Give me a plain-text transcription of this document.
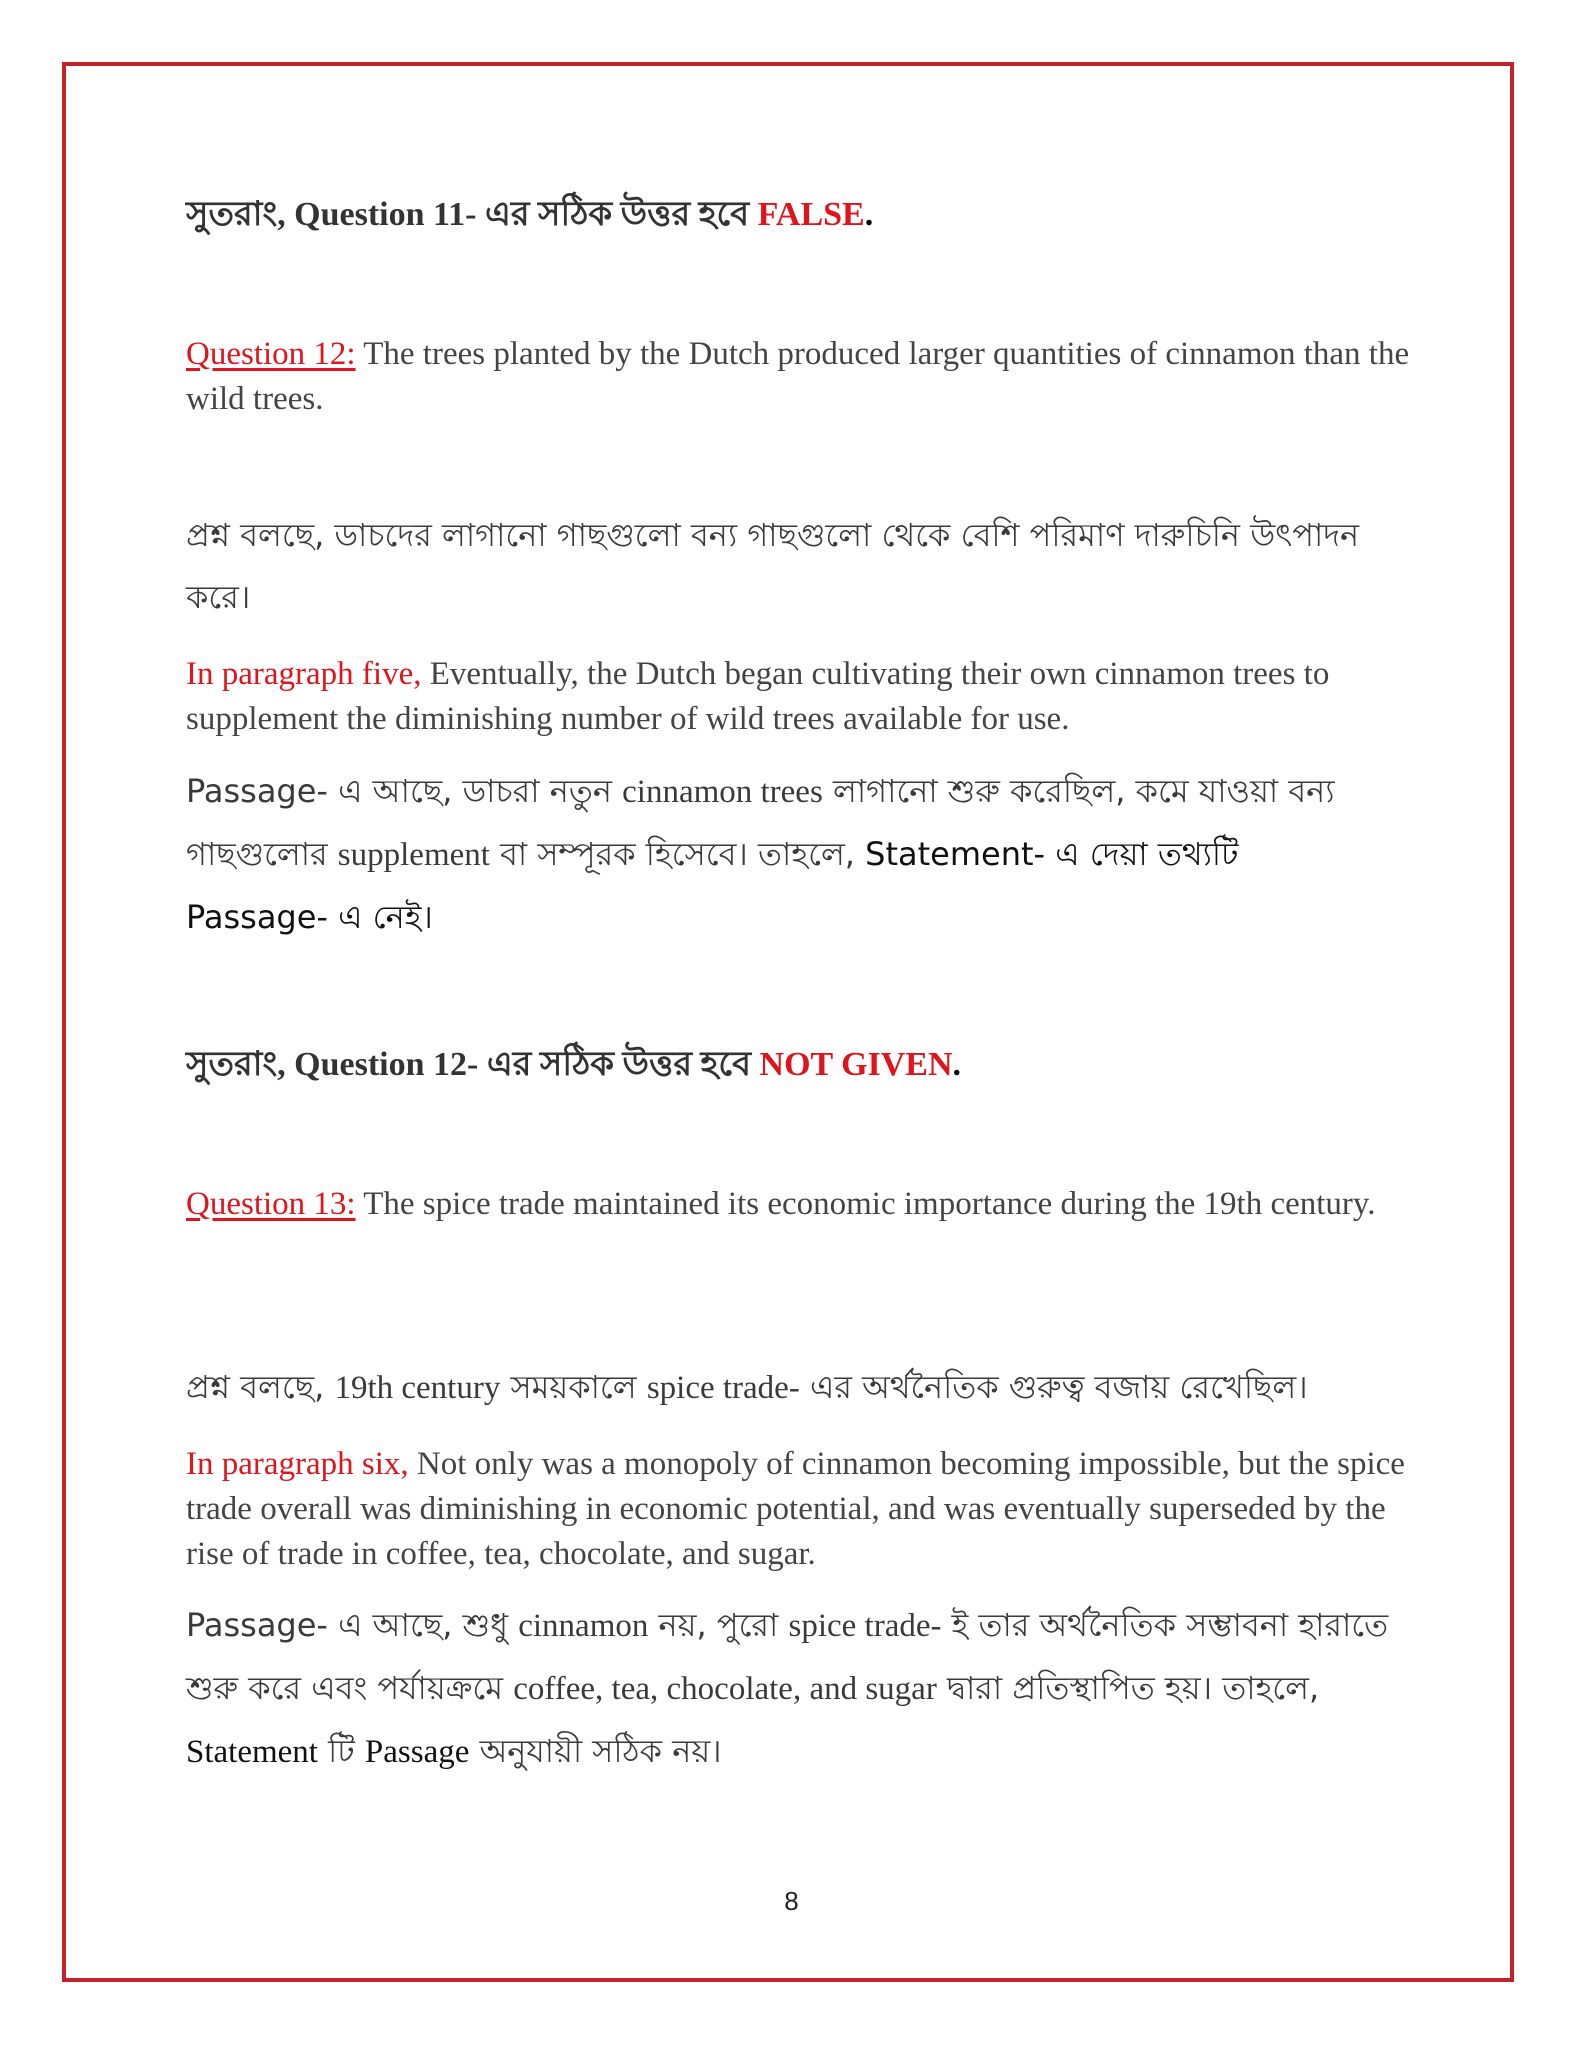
সুতরাং, Question 11- এর সঠিক উত্তর হবে FALSE.

Question 12: The trees planted by the Dutch produced larger quantities of cinnamon than the wild trees.

প্রশ্ন বলছে, ডাচদের লাগানো গাছগুলো বন্য গাছগুলো থেকে বেশি পরিমাণ দারুচিনি উৎপাদন করে।

In paragraph five, Eventually, the Dutch began cultivating their own cinnamon trees to supplement the diminishing number of wild trees available for use.

Passage- এ আছে, ডাচরা নতুন cinnamon trees লাগানো শুরু করেছিল, কমে যাওয়া বন্য গাছগুলোর supplement বা সম্পূরক হিসেবে। তাহলে, Statement- এ দেয়া তথ্যটি Passage- এ নেই।

সুতরাং, Question 12- এর সঠিক উত্তর হবে NOT GIVEN.

Question 13: The spice trade maintained its economic importance during the 19th century.

প্রশ্ন বলছে, 19th century সময়কালে spice trade- এর অর্থনৈতিক গুরুত্ব বজায় রেখেছিল।

In paragraph six, Not only was a monopoly of cinnamon becoming impossible, but the spice trade overall was diminishing in economic potential, and was eventually superseded by the rise of trade in coffee, tea, chocolate, and sugar.

Passage- এ আছে, শুধু cinnamon নয়, পুরো spice trade- ই তার অর্থনৈতিক সম্ভাবনা হারাতে শুরু করে এবং পর্যায়ক্রমে coffee, tea, chocolate, and sugar দ্বারা প্রতিস্থাপিত হয়। তাহলে, Statement টি Passage অনুযায়ী সঠিক নয়।

8
